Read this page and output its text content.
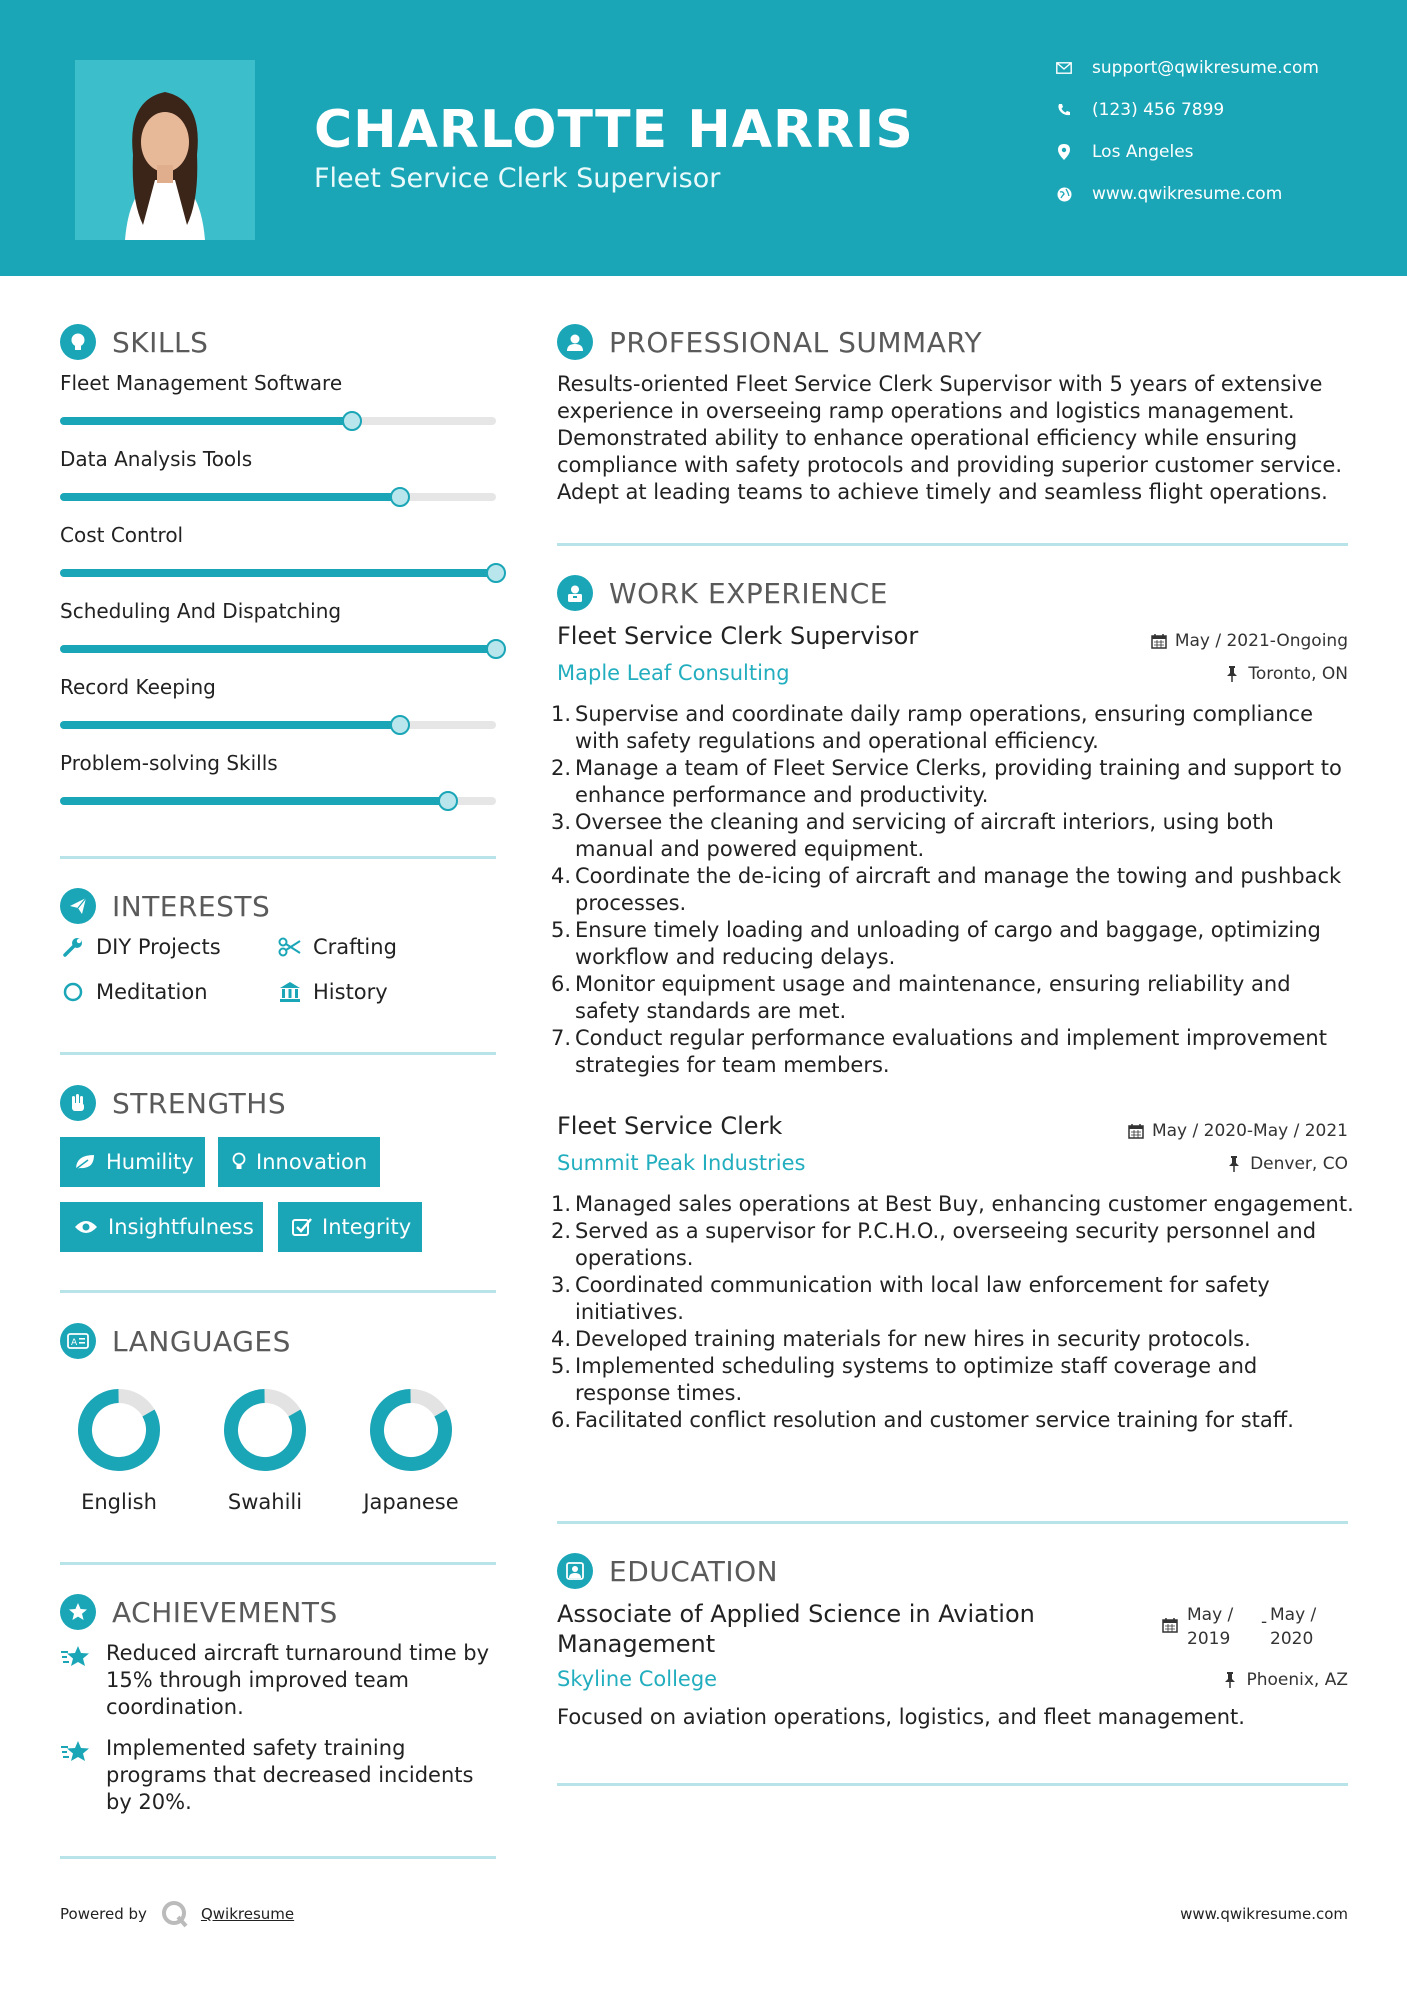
CHARLOTTE HARRIS
Fleet Service Clerk Supervisor
support@qwikresume.com
(123) 456 7899
Los Angeles
www.qwikresume.com
SKILLS
Fleet Management Software
Data Analysis Tools
Cost Control
Scheduling And Dispatching
Record Keeping
Problem-solving Skills
INTERESTS
DIY Projects	Crafting
Meditation	History
STRENGTHS
Humility	Innovation
Insightfulness	Integrity
A LANGUAGES
English	Swahili	Japanese
ACHIEVEMENTS
Reduced aircraft turnaround time by 15% through improved team coordination.
Implemented safety training programs that decreased incidents by 20%.
PROFESSIONAL SUMMARY
Results-oriented Fleet Service Clerk Supervisor with 5 years of extensive experience in overseeing ramp operations and logistics management. Demonstrated ability to enhance operational efficiency while ensuring compliance with safety protocols and providing superior customer service. Adept at leading teams to achieve timely and seamless flight operations.
WORK EXPERIENCE
Fleet Service Clerk Supervisor
Maple Leaf Consulting
May / 2021-Ongoing
Toronto, ON
1. Supervise and coordinate daily ramp operations, ensuring compliance with safety regulations and operational efficiency.
2. Manage a team of Fleet Service Clerks, providing training and support to enhance performance and productivity.
3. Oversee the cleaning and servicing of aircraft interiors, using both manual and powered equipment.
4. Coordinate the de-icing of aircraft and manage the towing and pushback processes.
5. Ensure timely loading and unloading of cargo and baggage, optimizing workflow and reducing delays.
6. Monitor equipment usage and maintenance, ensuring reliability and safety standards are met.
7. Conduct regular performance evaluations and implement improvement strategies for team members.
Fleet Service Clerk
Summit Peak Industries
May / 2020-May / 2021
Denver, CO
1. Managed sales operations at Best Buy, enhancing customer engagement.
2. Served as a supervisor for P.C.H.O., overseeing security personnel and operations.
3. Coordinated communication with local law enforcement for safety initiatives.
4. Developed training materials for new hires in security protocols.
5. Implemented scheduling systems to optimize staff coverage and response times.
6. Facilitated conflict resolution and customer service training for staff.
EDUCATION
Associate of Applied Science in Aviation Management
Skyline College
May /
2019
- May /
2020
Phoenix, AZ
Focused on aviation operations, logistics, and fleet management.
Powered by	Qwikresume	www.qwikresume.com
